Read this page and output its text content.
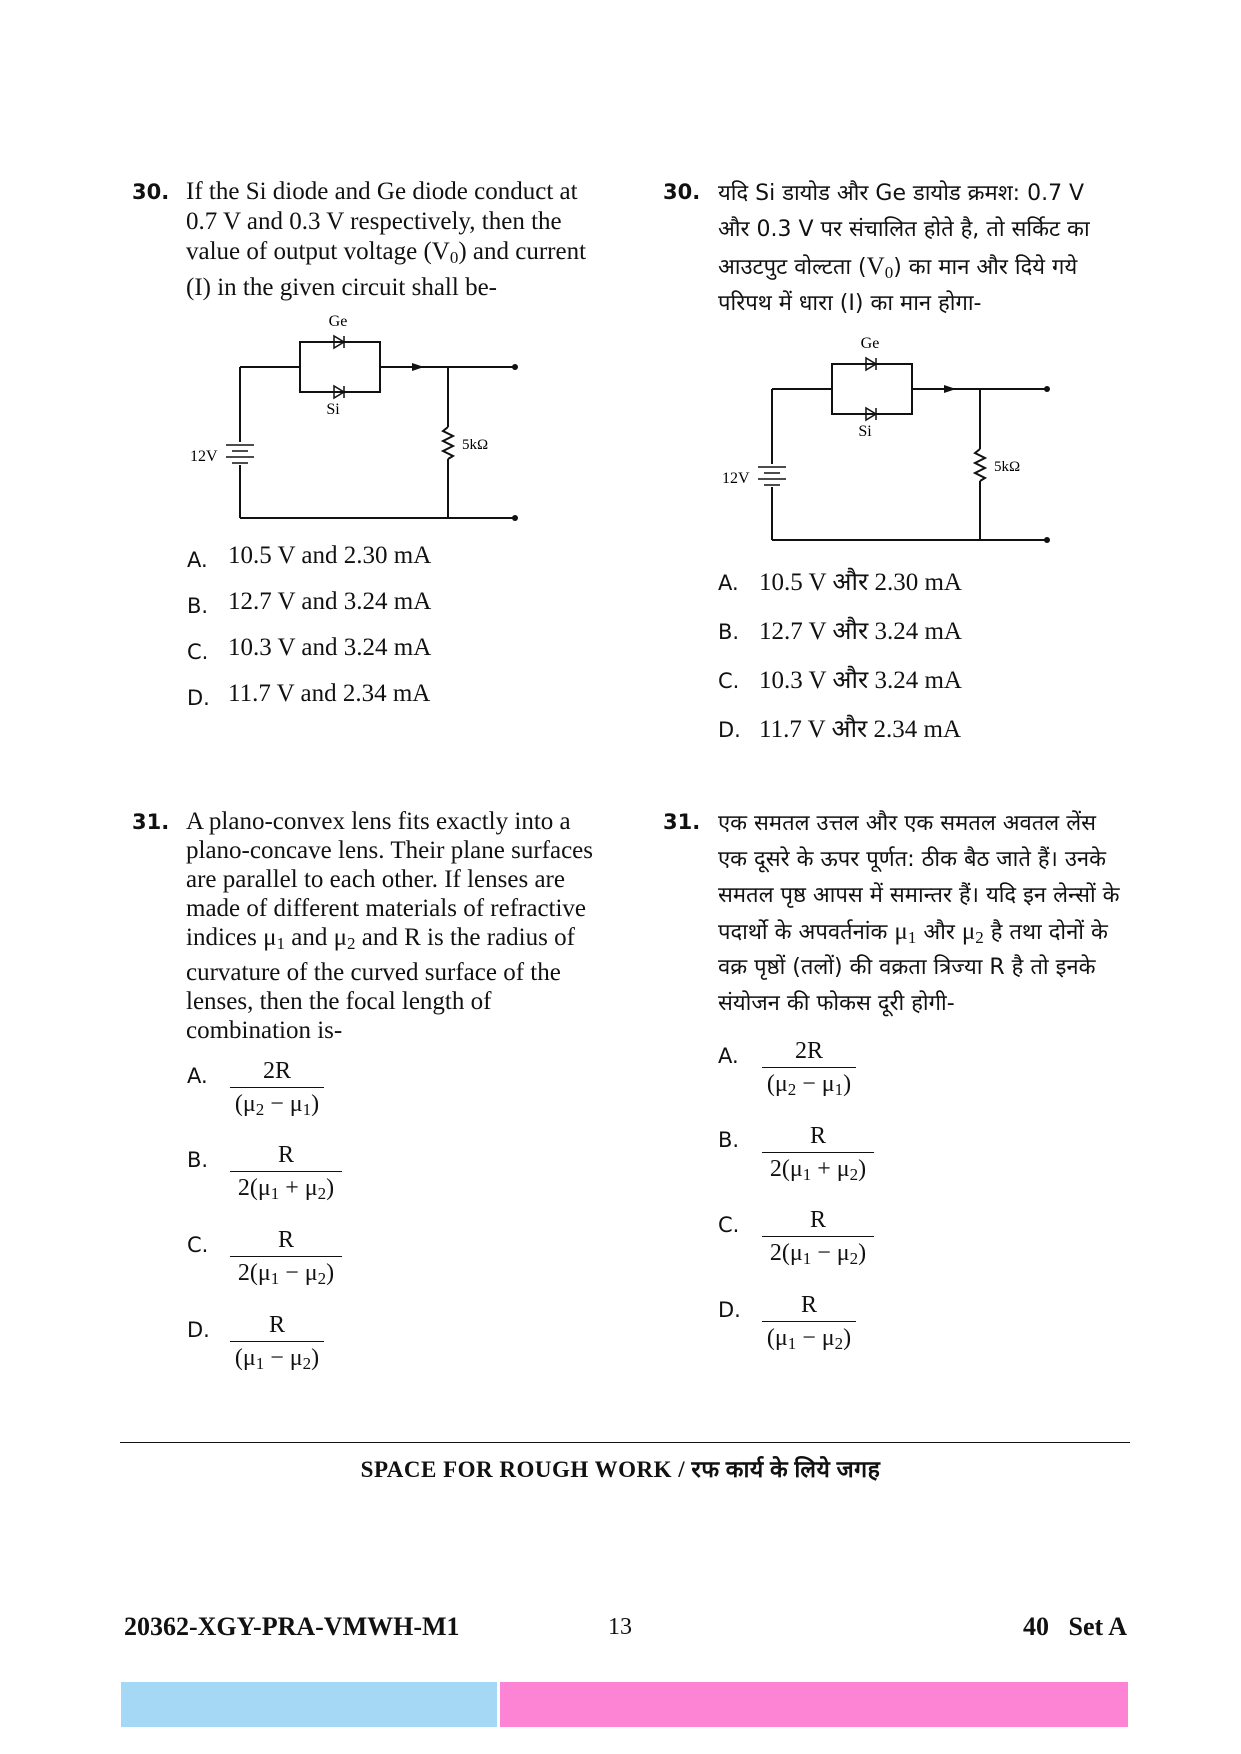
30. If the Si diode and Ge diode conduct at
0.7 V and 0.3 V respectively, then the
value of output voltage $(V_0)$ and current
(I) in the given circuit shall be-
Ge
Si
12V
5kΩ
A. 10.5 V and 2.30 mA
B. 12.7 V and 3.24 mA
C. 10.3 V and 3.24 mA
D. 11.7 V and 2.34 mA
30. यदि Si डायोड और Ge डायोड क्रमश: 0.7 V
और 0.3 V पर संचालित होते है, तो सर्किट का
आउटपुट वोल्टता $(V_0)$ का मान और दिये गये
परिपथ में धारा (I) का मान होगा-
Ge
Si
12V
5kΩ
A. 10.5 V और 2.30 mA
B. 12.7 V और 3.24 mA
C. 10.3 V और 3.24 mA
D. 11.7 V और 2.34 mA
31. A plano-convex lens fits exactly into a
plano-concave lens. Their plane surfaces
are parallel to each other. If lenses are
made of different materials of refractive
indices $\mu_1$ and $\mu_2$ and R is the radius of
curvature of the curved surface of the
lenses, then the focal length of
combination is-
A.	2R
$(\mu_2 - \mu_1)$
B.	R
$2(\mu_1 + \mu_2)$
C.	R
$2(\mu_1 - \mu_2)$
D.	R
$(\mu_1 - \mu_2)$
31. एक समतल उत्तल और एक समतल अवतल लेंस
एक दूसरे के ऊपर पूर्णत: ठीक बैठ जाते हैं। उनके
समतल पृष्ठ आपस में समान्तर हैं। यदि इन लेन्सों के
पदार्थो के अपवर्तनांक $\mu_1$ और $\mu_2$ है तथा दोनों के
वक्र पृष्ठों (तलों) की वक्रता त्रिज्या R है तो इनके
संयोजन की फोकस दूरी होगी-
A.	2R
$(\mu_2 - \mu_1)$
B.	R
$2(\mu_1 + \mu_2)$
C.	R
$2(\mu_1 - \mu_2)$
D.	R
$(\mu_1 - \mu_2)$
SPACE FOR ROUGH WORK / रफ कार्य के लिये जगह
20362-XGY-PRA-VMWH-M1	13	40   Set A
